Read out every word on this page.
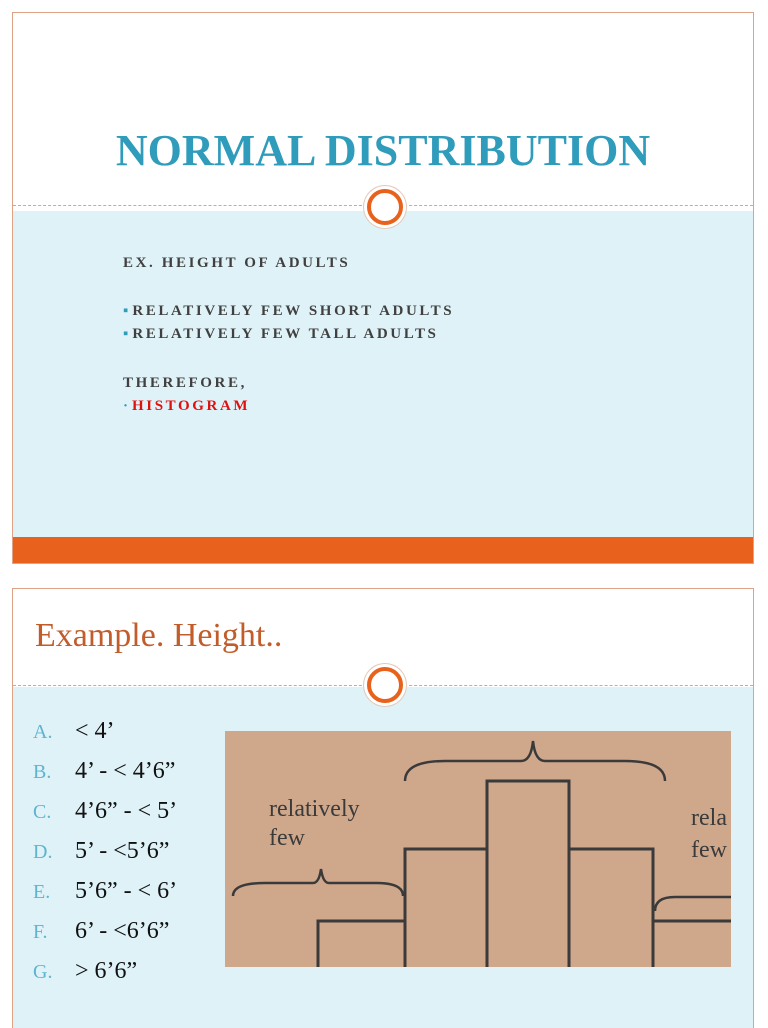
NORMAL DISTRIBUTION

EX. HEIGHT OF ADULTS

▪ RELATIVELY FEW SHORT ADULTS

▪ RELATIVELY FEW TALL ADULTS

THEREFORE,

· HISTOGRAM

Example. Height..
A. < 4’
B. 4’ - < 4’6”
C. 4’6” - < 5’
D. 5’ - <5’6”
E. 5’6” - < 6’
F. 6’ - <6’6”
G. > 6’6”
relatively
few
rela
few
